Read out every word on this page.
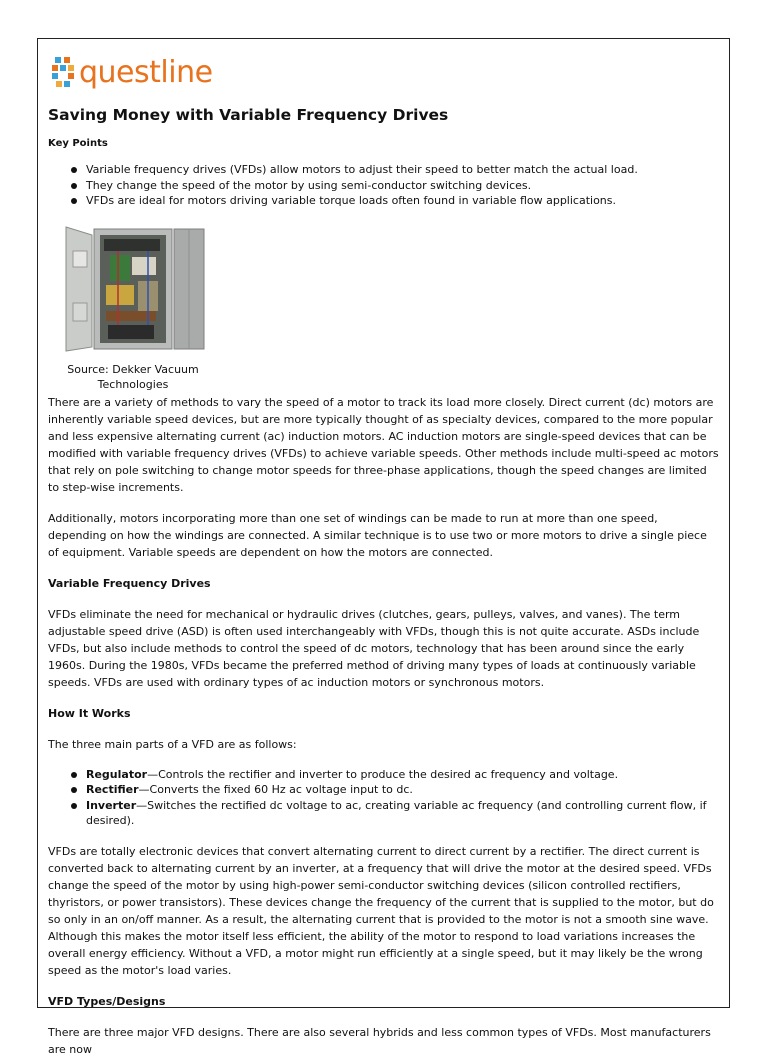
questline
Saving Money with Variable Frequency Drives
Key Points
Variable frequency drives (VFDs) allow motors to adjust their speed to better match the actual load.
They change the speed of the motor by using semi-conductor switching devices.
VFDs are ideal for motors driving variable torque loads often found in variable flow applications.
Source: Dekker Vacuum
Technologies

There are a variety of methods to vary the speed of a motor to track its load more closely. Direct current (dc) motors are inherently variable speed devices, but are more typically thought of as specialty devices, compared to the more popular and less expensive alternating current (ac) induction motors. AC induction motors are single-speed devices that can be modified with variable frequency drives (VFDs) to achieve variable speeds. Other methods include multi-speed ac motors that rely on pole switching to change motor speeds for three-phase applications, though the speed changes are limited to step-wise increments.

Additionally, motors incorporating more than one set of windings can be made to run at more than one speed, depending on how the windings are connected. A similar technique is to use two or more motors to drive a single piece of equipment. Variable speeds are dependent on how the motors are connected.

Variable Frequency Drives

VFDs eliminate the need for mechanical or hydraulic drives (clutches, gears, pulleys, valves, and vanes). The term adjustable speed drive (ASD) is often used interchangeably with VFDs, though this is not quite accurate. ASDs include VFDs, but also include methods to control the speed of dc motors, technology that has been around since the early 1960s. During the 1980s, VFDs became the preferred method of driving many types of loads at continuously variable speeds. VFDs are used with ordinary types of ac induction motors or synchronous motors.

How It Works

The three main parts of a VFD are as follows:

Regulator—Controls the rectifier and inverter to produce the desired ac frequency and voltage.
Rectifier—Converts the fixed 60 Hz ac voltage input to dc.
Inverter—Switches the rectified dc voltage to ac, creating variable ac frequency (and controlling current flow, if desired).

VFDs are totally electronic devices that convert alternating current to direct current by a rectifier. The direct current is converted back to alternating current by an inverter, at a frequency that will drive the motor at the desired speed. VFDs change the speed of the motor by using high-power semi-conductor switching devices (silicon controlled rectifiers, thyristors, or power transistors). These devices change the frequency of the current that is supplied to the motor, but do so only in an on/off manner. As a result, the alternating current that is provided to the motor is not a smooth sine wave. Although this makes the motor itself less efficient, the ability of the motor to respond to load variations increases the overall energy efficiency. Without a VFD, a motor might run efficiently at a single speed, but it may likely be the wrong speed as the motor's load varies.

VFD Types/Designs

There are three major VFD designs. There are also several hybrids and less common types of VFDs. Most manufacturers are now
